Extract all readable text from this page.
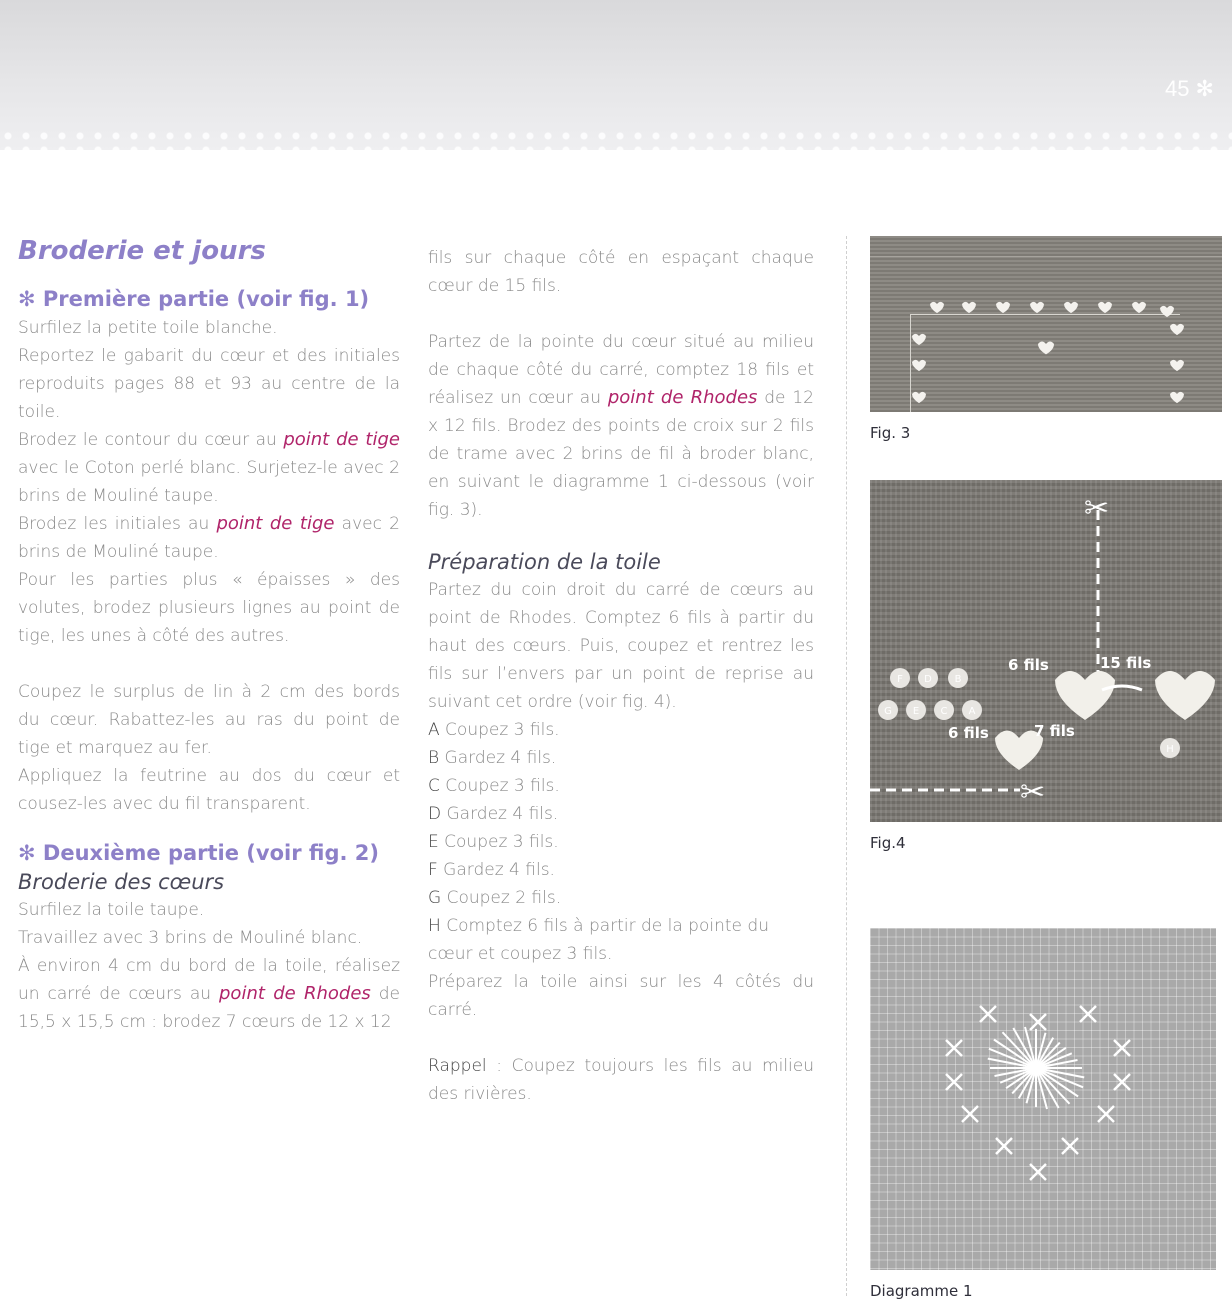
45 ✻
Broderie et jours
✻ Première partie (voir fig. 1)

Surfilez la petite toile blanche.

Reportez le gabarit du cœur et des initiales reproduits pages 88 et 93 au centre de la toile.

Brodez le contour du cœur au point de tige avec le Coton perlé blanc. Surjetez-le avec 2 brins de Mouliné taupe.

Brodez les initiales au point de tige avec 2 brins de Mouliné taupe.

Pour les parties plus « épaisses » des volutes, brodez plusieurs lignes au point de tige, les unes à côté des autres.

Coupez le surplus de lin à 2 cm des bords du cœur. Rabattez-les au ras du point de tige et marquez au fer.

Appliquez la feutrine au dos du cœur et cousez-les avec du fil transparent.

✻ Deuxième partie (voir fig. 2)
Broderie des cœurs

Surfilez la toile taupe.

Travaillez avec 3 brins de Mouliné blanc.

À environ 4 cm du bord de la toile, réalisez un carré de cœurs au point de Rhodes de 15,5 x 15,5 cm : brodez 7 cœurs de 12 x 12

fils sur chaque côté en espaçant chaque cœur de 15 fils.

Partez de la pointe du cœur situé au milieu de chaque côté du carré, comptez 18 fils et réalisez un cœur au point de Rhodes de 12 x 12 fils. Brodez des points de croix sur 2 fils de trame avec 2 brins de fil à broder blanc, en suivant le diagramme 1 ci-dessous (voir fig. 3).

Préparation de la toile

Partez du coin droit du carré de cœurs au point de Rhodes. Comptez 6 fils à partir du haut des cœurs. Puis, coupez et rentrez les fils sur l’envers par un point de reprise au suivant cet ordre (voir fig. 4).

A Coupez 3 fils.

B Gardez 4 fils.

C Coupez 3 fils.

D Gardez 4 fils.

E Coupez 3 fils.

F Gardez 4 fils.

G Coupez 2 fils.

H Comptez 6 fils à partir de la pointe du cœur et coupez 3 fils.

Préparez la toile ainsi sur les 4 côtés du carré.

Rappel : Coupez toujours les fils au milieu des rivières.

Fig. 3
✂
✂
6 fils	15 fils
6 fils	7 fils
F D B
G E C A
H
Fig.4
Diagramme 1
